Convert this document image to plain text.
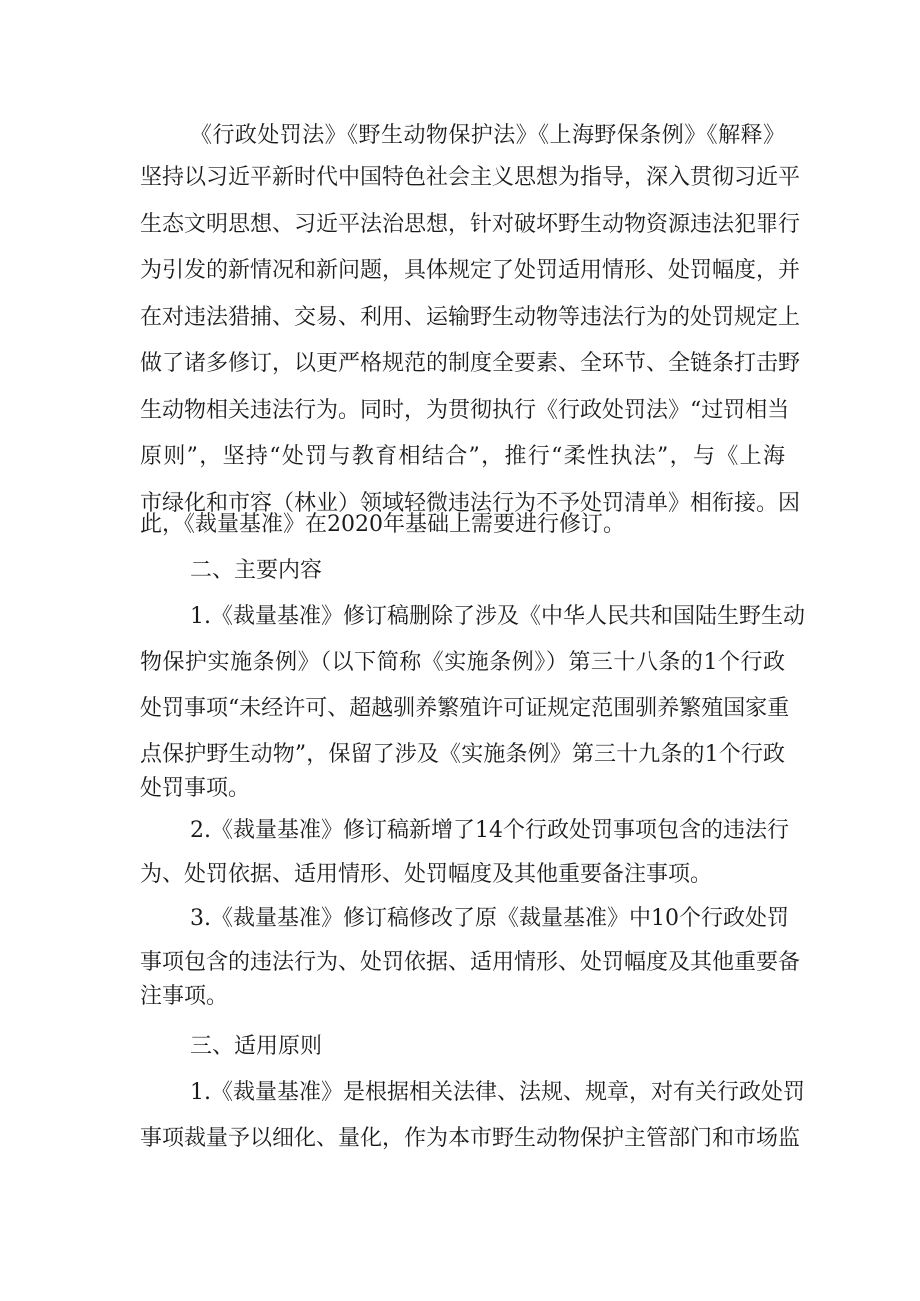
《行政处罚法》《野生动物保护法》《上海野保条例》《解释》
坚持以习近平新时代中国特色社会主义思想为指导，深入贯彻习近平
生态文明思想、习近平法治思想，针对破坏野生动物资源违法犯罪行
为引发的新情况和新问题，具体规定了处罚适用情形、处罚幅度，并
在对违法猎捕、交易、利用、运输野生动物等违法行为的处罚规定上
做了诸多修订，以更严格规范的制度全要素、全环节、全链条打击野
生动物相关违法行为。同时，为贯彻执行《行政处罚法》“过罚相当
原则”，坚持“处罚与教育相结合”，推行“柔性执法”，与《上海
市绿化和市容（林业）领域轻微违法行为不予处罚清单》相衔接。因
此，《裁量基准》在2020年基础上需要进行修订。
二、主要内容
1.《裁量基准》修订稿删除了涉及《中华人民共和国陆生野生动
物保护实施条例》（以下简称《实施条例》）第三十八条的1个行政
处罚事项“未经许可、超越驯养繁殖许可证规定范围驯养繁殖国家重
点保护野生动物”，保留了涉及《实施条例》第三十九条的1个行政
处罚事项。
2.《裁量基准》修订稿新增了14个行政处罚事项包含的违法行
为、处罚依据、适用情形、处罚幅度及其他重要备注事项。
3.《裁量基准》修订稿修改了原《裁量基准》中10个行政处罚
事项包含的违法行为、处罚依据、适用情形、处罚幅度及其他重要备
注事项。
三、适用原则
1.《裁量基准》是根据相关法律、法规、规章，对有关行政处罚
事项裁量予以细化、量化，作为本市野生动物保护主管部门和市场监
